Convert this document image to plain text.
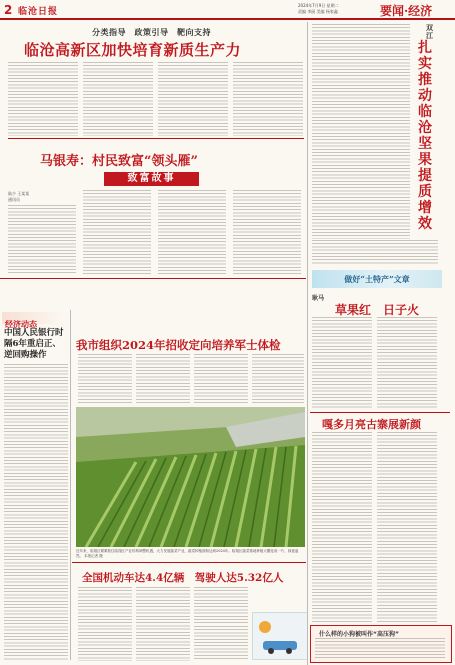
2 临沧日报
2024年7月9日 星期二
责编 李丽 美编 杨家鑫	要闻·经济
分类指导　政策引导　靶向支持
临沧高新区加快培育新质生产力
双江
扎实推动临沧坚果提质增效
马银寿：村民致富“领头雁”
致富故事
陆少 王某某
通讯员
做好“土特产”文章
耿马
草果红　日子火
嘎多月亮古寨展新颜
什么样的小狗被叫作“高压狗”
经济动态
中国人民银行时隔6年重启正、逆回购操作
我市组织2024年招收定向培养军士体检
近年来，临翔区紧紧抓住临翔区产业结构调整机遇，大力发展蔬菜产业，蔬菜种植面积达到2024年。临翔区蔬菜基地种植大棚连成一片，绿意盎然。 本报记者 摄
全国机动车达4.4亿辆　驾驶人达5.32亿人
